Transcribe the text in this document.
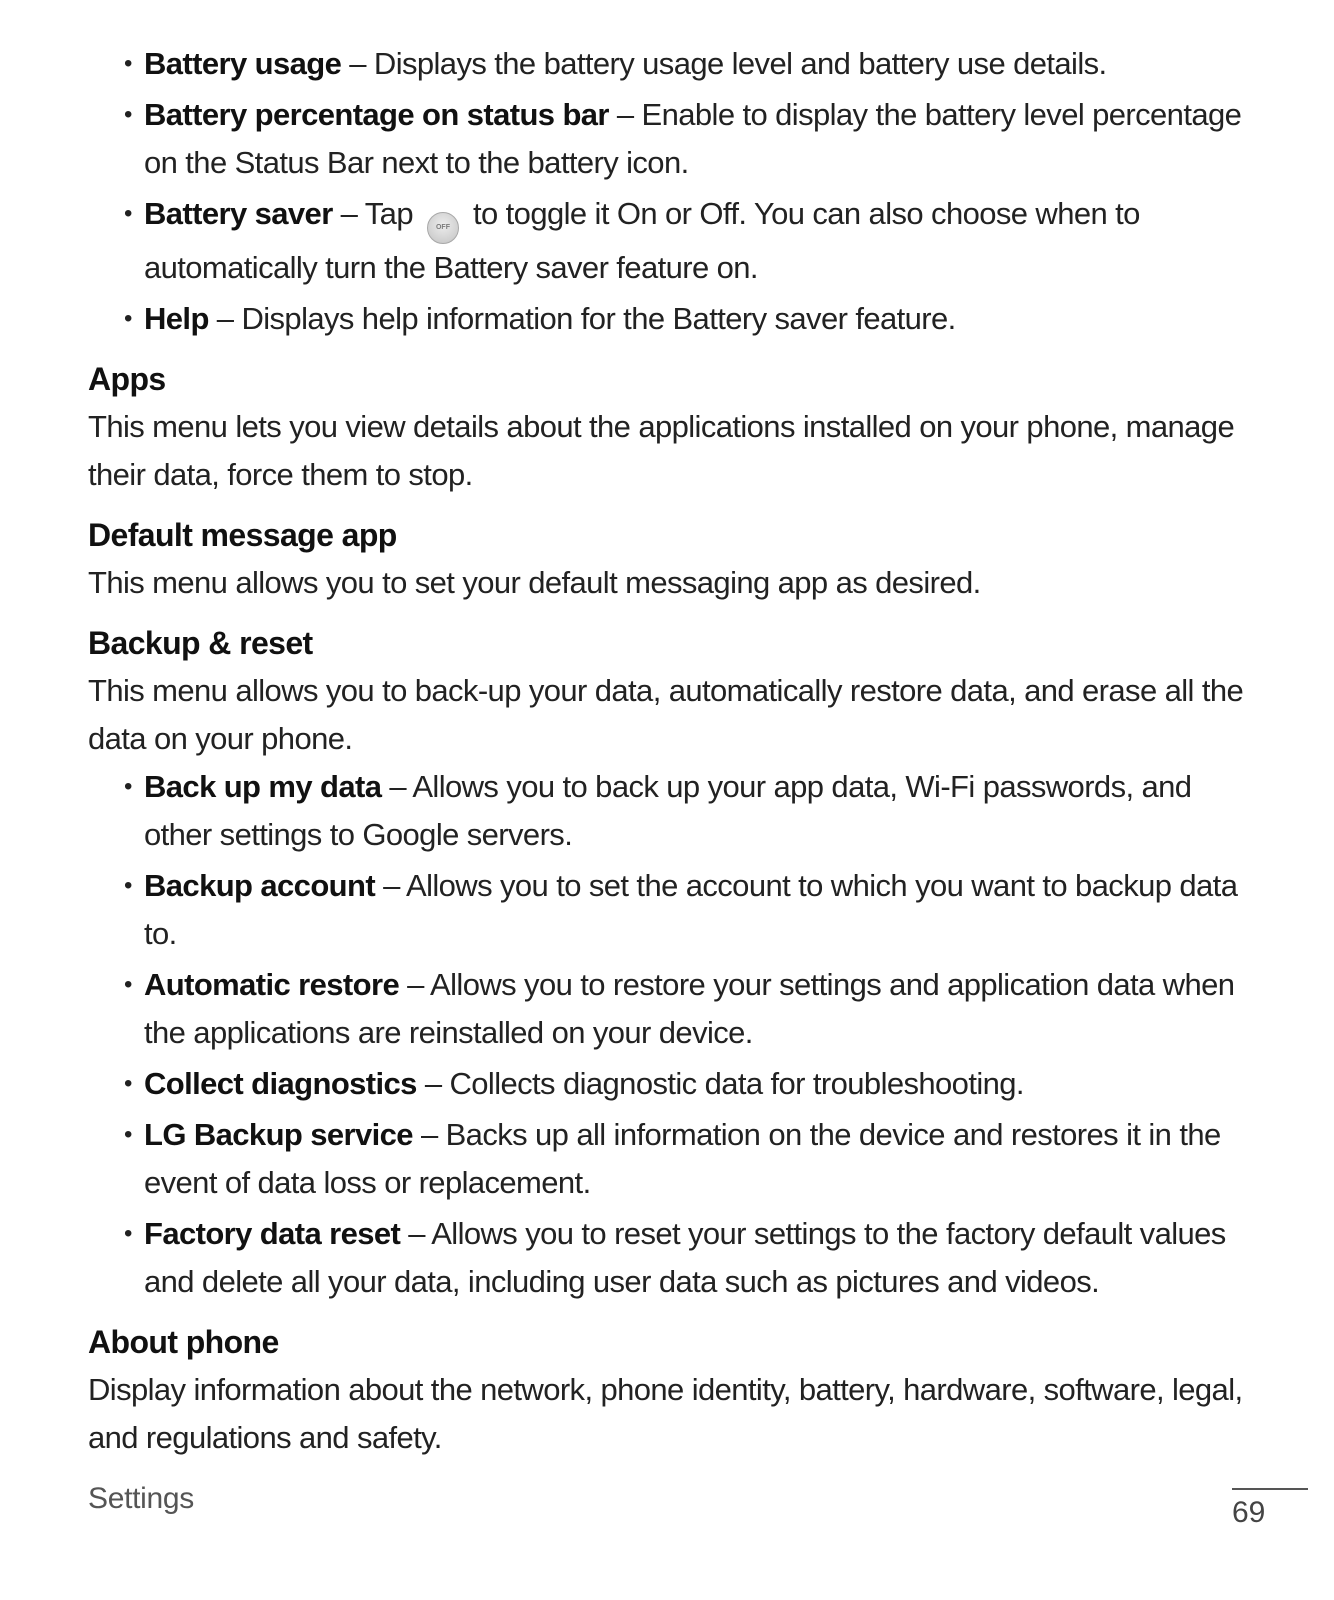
• Battery usage – Displays the battery usage level and battery use details.
• Battery percentage on status bar – Enable to display the battery level percentage on the Status Bar next to the battery icon.
• Battery saver – Tap OFF to toggle it On or Off. You can also choose when to automatically turn the Battery saver feature on.
• Help – Displays help information for the Battery saver feature.
Apps

This menu lets you view details about the applications installed on your phone, manage their data, force them to stop.

Default message app

This menu allows you to set your default messaging app as desired.

Backup & reset

This menu allows you to back-up your data, automatically restore data, and erase all the data on your phone.

• Back up my data – Allows you to back up your app data, Wi-Fi passwords, and other settings to Google servers.
• Backup account – Allows you to set the account to which you want to backup data to.
• Automatic restore – Allows you to restore your settings and application data when the applications are reinstalled on your device.
• Collect diagnostics – Collects diagnostic data for troubleshooting.
• LG Backup service – Backs up all information on the device and restores it in the event of data loss or replacement.
• Factory data reset – Allows you to reset your settings to the factory default values and delete all your data, including user data such as pictures and videos.
About phone

Display information about the network, phone identity, battery, hardware, software, legal, and regulations and safety.

Settings	69
